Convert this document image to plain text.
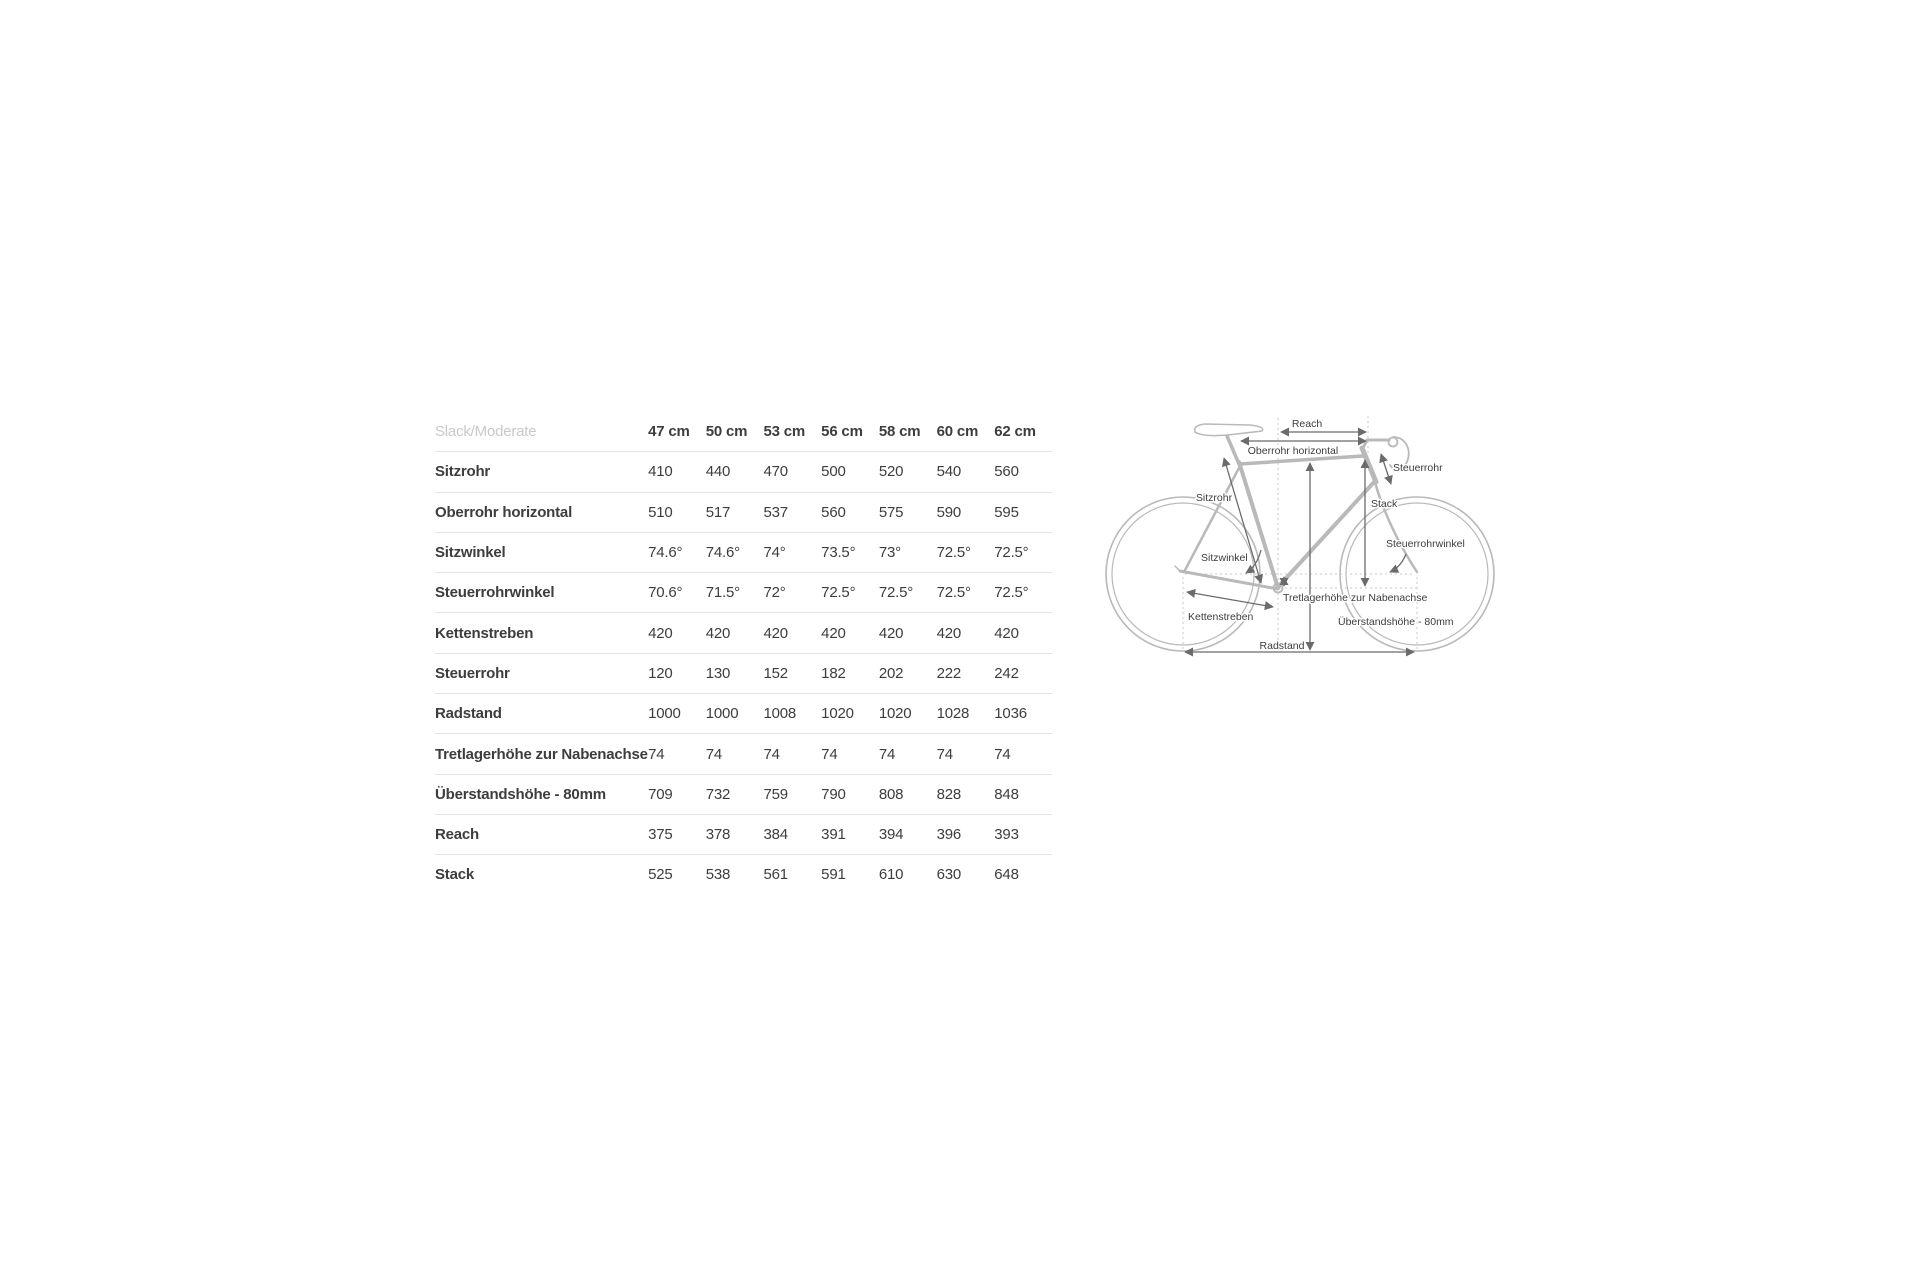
Slack/Moderate	47 cm	50 cm	53 cm	56 cm	58 cm	60 cm	62 cm
Sitzrohr	410	440	470	500	520	540	560
Oberrohr horizontal	510	517	537	560	575	590	595
Sitzwinkel	74.6°	74.6°	74°	73.5°	73°	72.5°	72.5°
Steuerrohrwinkel	70.6°	71.5°	72°	72.5°	72.5°	72.5°	72.5°
Kettenstreben	420	420	420	420	420	420	420
Steuerrohr	120	130	152	182	202	222	242
Radstand	1000	1000	1008	1020	1020	1028	1036
Tretlagerhöhe zur Nabenachse	74	74	74	74	74	74	74
Überstandshöhe - 80mm	709	732	759	790	808	828	848
Reach	375	378	384	391	394	396	393
Stack	525	538	561	591	610	630	648
Reach
Oberrohr horizontal
Steuerrohr
Sitzrohr	Stack
Steuerrohrwinkel
Sitzwinkel
Tretlagerhöhe zur Nabenachse
Kettenstreben	Überstandshöhe - 80mm
Radstand
